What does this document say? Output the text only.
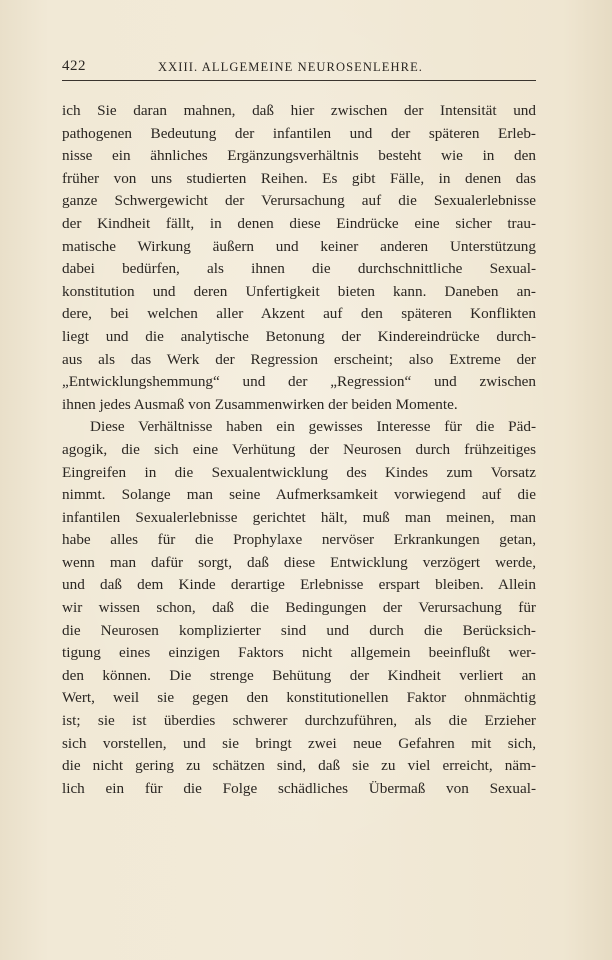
422	XXIII. ALLGEMEINE NEUROSENLEHRE.
ich Sie daran mahnen, daß hier zwischen der Intensität und
pathogenen Bedeutung der infantilen und der späteren Erleb-
nisse ein ähnliches Ergänzungsverhältnis besteht wie in den
früher von uns studierten Reihen. Es gibt Fälle, in denen das
ganze Schwergewicht der Verursachung auf die Sexualerlebnisse
der Kindheit fällt, in denen diese Eindrücke eine sicher trau-
matische Wirkung äußern und keiner anderen Unterstützung
dabei bedürfen, als ihnen die durchschnittliche Sexual-
konstitution und deren Unfertigkeit bieten kann. Daneben an-
dere, bei welchen aller Akzent auf den späteren Konflikten
liegt und die analytische Betonung der Kindereindrücke durch-
aus als das Werk der Regression erscheint; also Extreme der
„Entwicklungshemmung“ und der „Regression“ und zwischen
ihnen jedes Ausmaß von Zusammenwirken der beiden Momente.
Diese Verhältnisse haben ein gewisses Interesse für die Päd-
agogik, die sich eine Verhütung der Neurosen durch frühzeitiges
Eingreifen in die Sexualentwicklung des Kindes zum Vorsatz
nimmt. Solange man seine Aufmerksamkeit vorwiegend auf die
infantilen Sexualerlebnisse gerichtet hält, muß man meinen, man
habe alles für die Prophylaxe nervöser Erkrankungen getan,
wenn man dafür sorgt, daß diese Entwicklung verzögert werde,
und daß dem Kinde derartige Erlebnisse erspart bleiben. Allein
wir wissen schon, daß die Bedingungen der Verursachung für
die Neurosen komplizierter sind und durch die Berücksich-
tigung eines einzigen Faktors nicht allgemein beeinflußt wer-
den können. Die strenge Behütung der Kindheit verliert an
Wert, weil sie gegen den konstitutionellen Faktor ohnmächtig
ist; sie ist überdies schwerer durchzuführen, als die Erzieher
sich vorstellen, und sie bringt zwei neue Gefahren mit sich,
die nicht gering zu schätzen sind, daß sie zu viel erreicht, näm-
lich ein für die Folge schädliches Übermaß von Sexual-
